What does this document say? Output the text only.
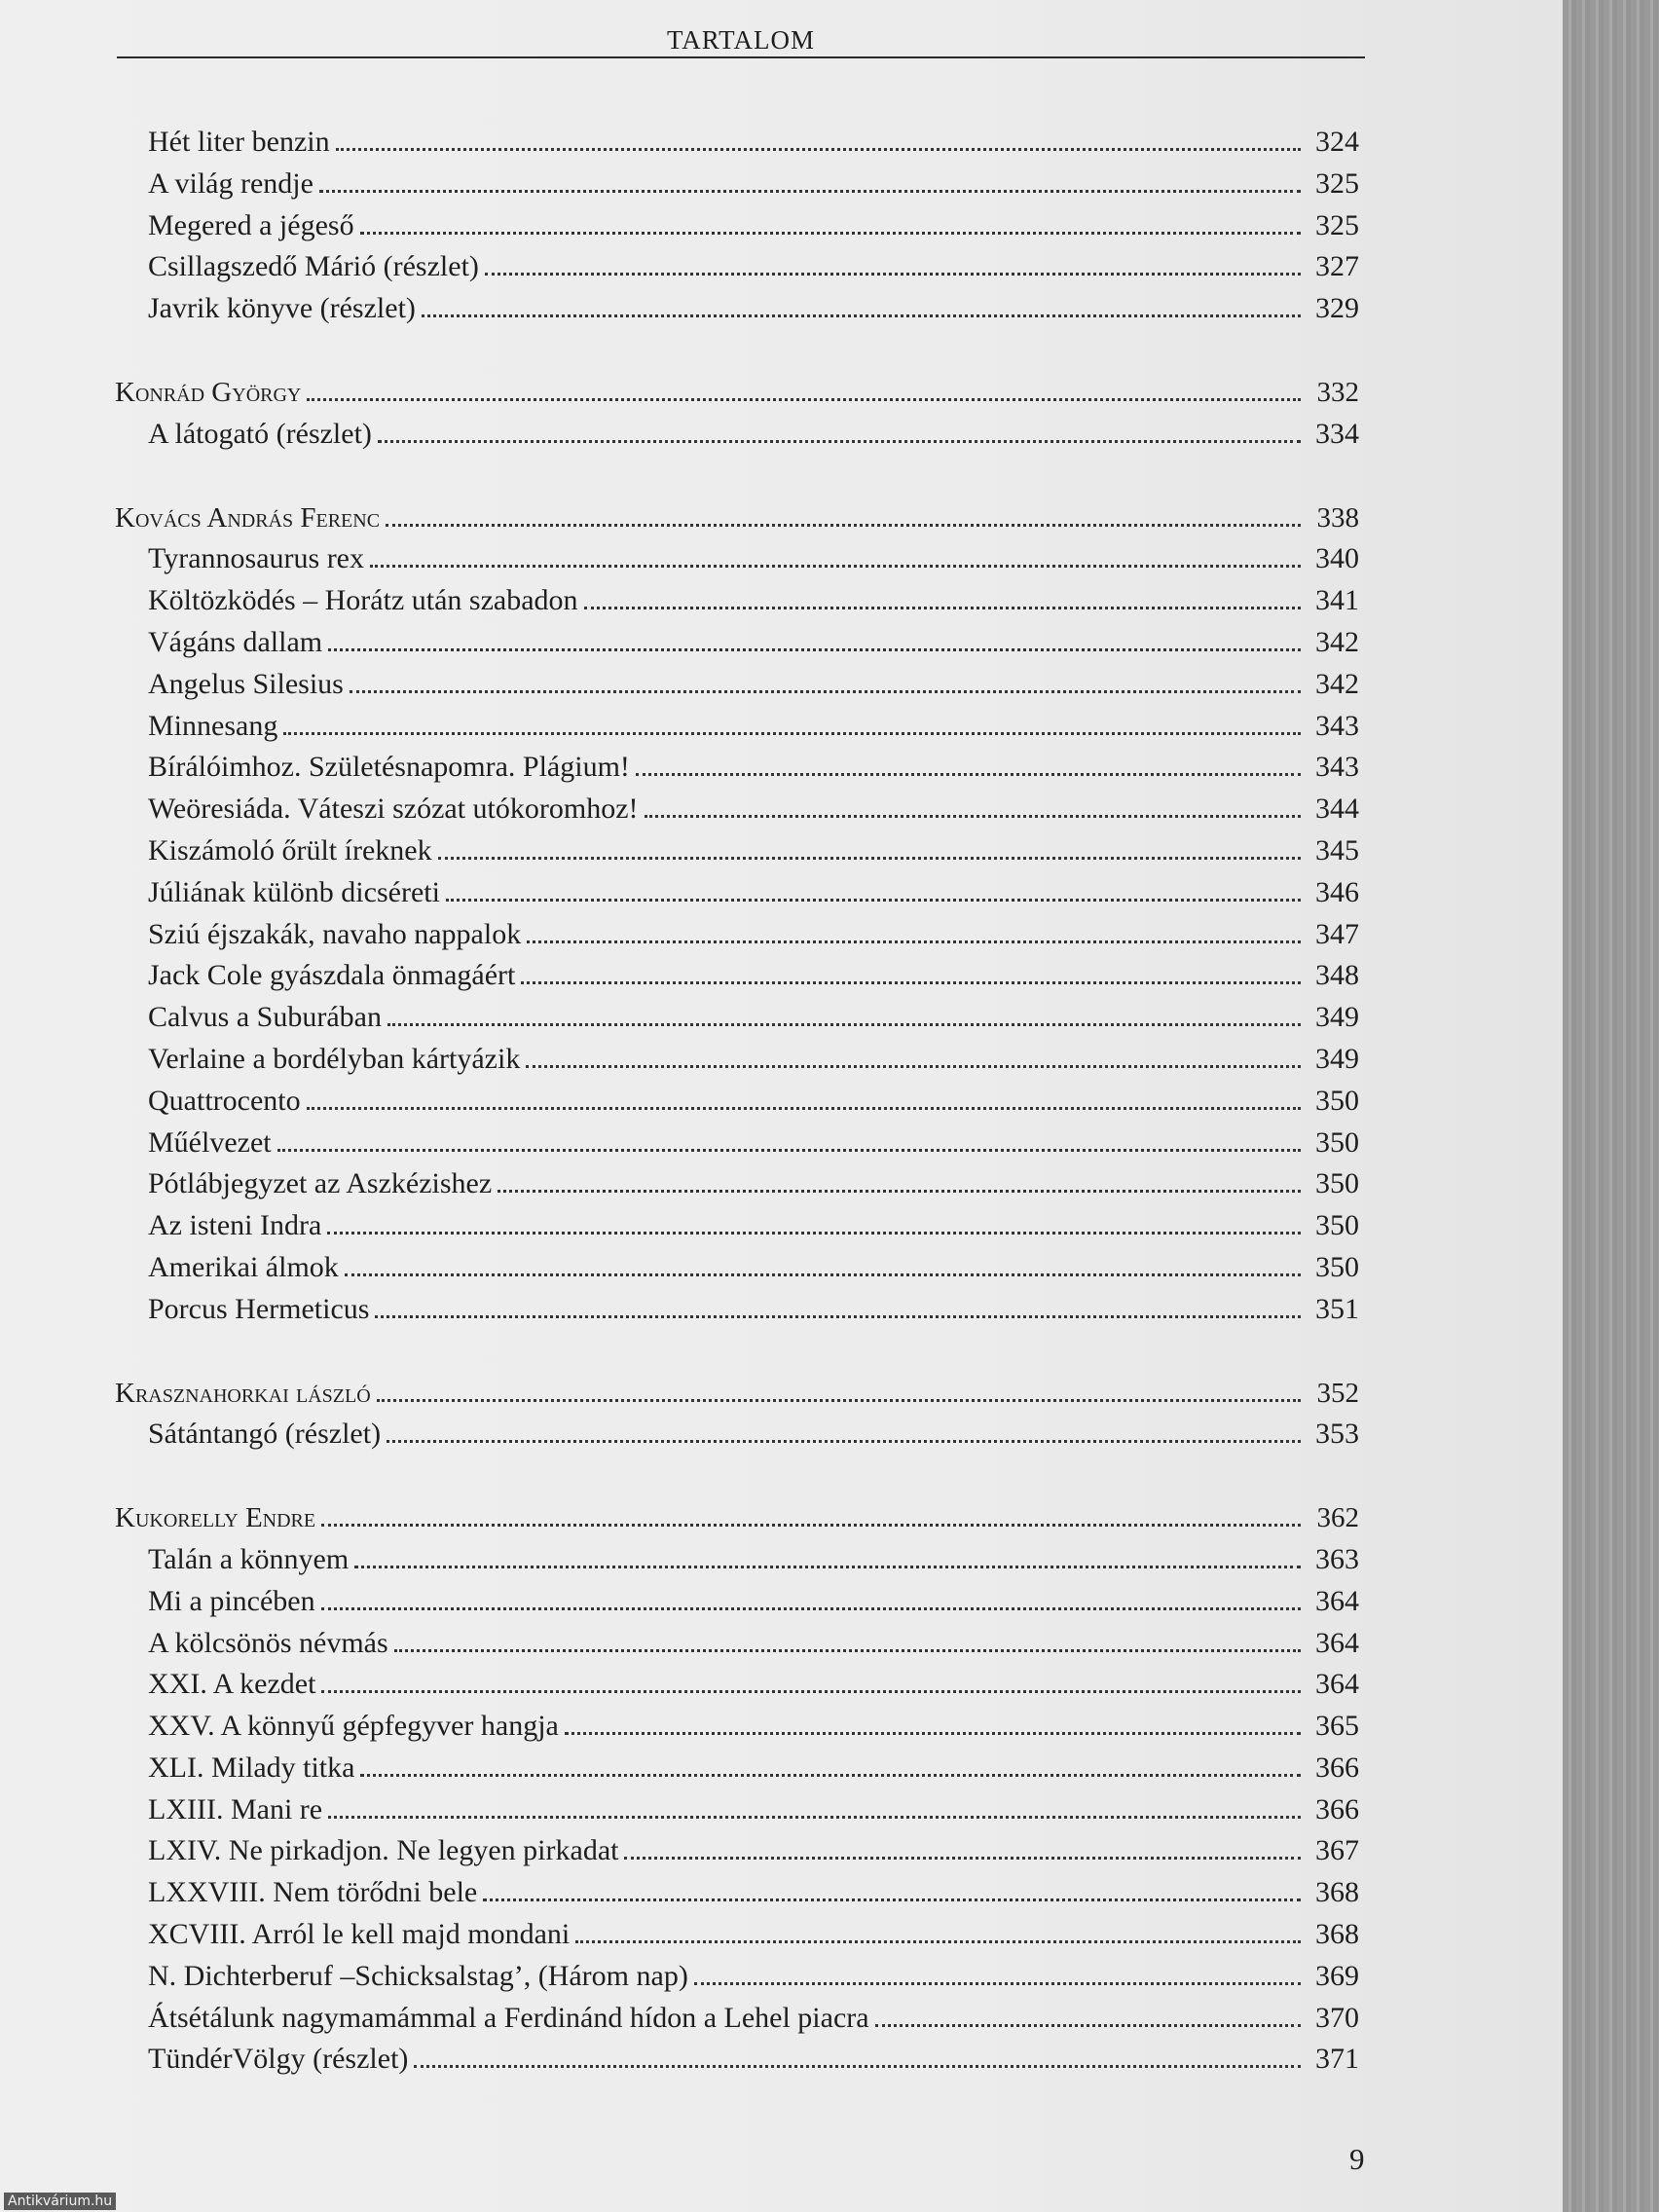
TARTALOM
Hét liter benzin	324
A világ rendje	325
Megered a jégeső	325
Csillagszedő Márió (részlet)	327
Javrik könyve (részlet)	329
Konrád György	332
A látogató (részlet)	334
Kovács András Ferenc	338
Tyrannosaurus rex	340
Költözködés – Horátz után szabadon	341
Vágáns dallam	342
Angelus Silesius	342
Minnesang	343
Bírálóimhoz. Születésnapomra. Plágium!	343
Weöresiáda. Váteszi szózat utókoromhoz!	344
Kiszámoló őrült íreknek	345
Júliának különb dicséreti	346
Sziú éjszakák, navaho nappalok	347
Jack Cole gyászdala önmagáért	348
Calvus a Suburában	349
Verlaine a bordélyban kártyázik	349
Quattrocento	350
Műélvezet	350
Pótlábjegyzet az Aszkézishez	350
Az isteni Indra	350
Amerikai álmok	350
Porcus Hermeticus	351
Krasznahorkai lászló	352
Sátántangó (részlet)	353
Kukorelly Endre	362
Talán a könnyem	363
Mi a pincében	364
A kölcsönös névmás	364
XXI. A kezdet	364
XXV. A könnyű gépfegyver hangja	365
XLI. Milady titka	366
LXIII. Mani re	366
LXIV. Ne pirkadjon. Ne legyen pirkadat	367
LXXVIII. Nem törődni bele	368
XCVIII. Arról le kell majd mondani	368
N. Dichterberuf –Schicksalstag’, (Három nap)	369
Átsétálunk nagymamámmal a Ferdinánd hídon a Lehel piacra	370
TündérVölgy (részlet)	371
9
Antikvárium.hu
